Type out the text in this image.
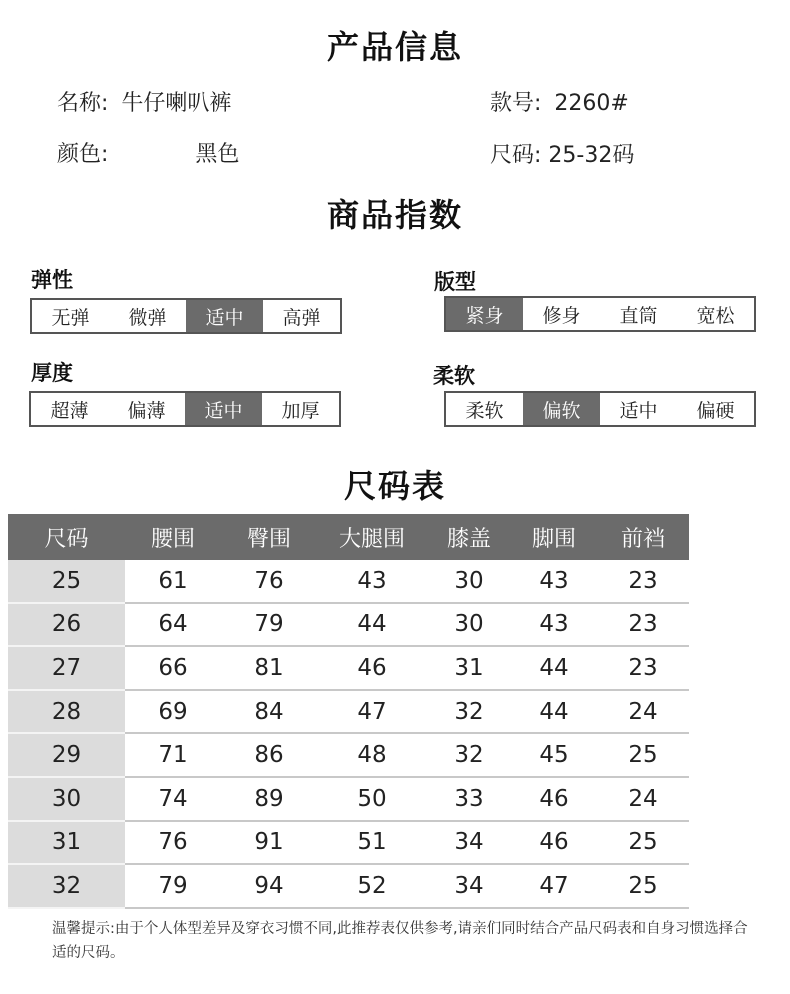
产品信息
名称: 牛仔喇叭裤	款号: 2260#
颜色:	黑色	尺码: 25-32码
商品指数
弹性
无弹	微弹	适中	高弹
版型
紧身	修身	直筒	宽松
厚度
超薄	偏薄	适中	加厚
柔软
柔软	偏软	适中	偏硬
尺码表
尺码	腰围	臀围	大腿围	膝盖	脚围	前裆
25	61	76	43	30	43	23
26	64	79	44	30	43	23
27	66	81	46	31	44	23
28	69	84	47	32	44	24
29	71	86	48	32	45	25
30	74	89	50	33	46	24
31	76	91	51	34	46	25
32	79	94	52	34	47	25
温馨提示:由于个人体型差异及穿衣习惯不同,此推荐表仅供参考,请亲们同时结合产品尺码表和自身习惯选择合适的尺码。
